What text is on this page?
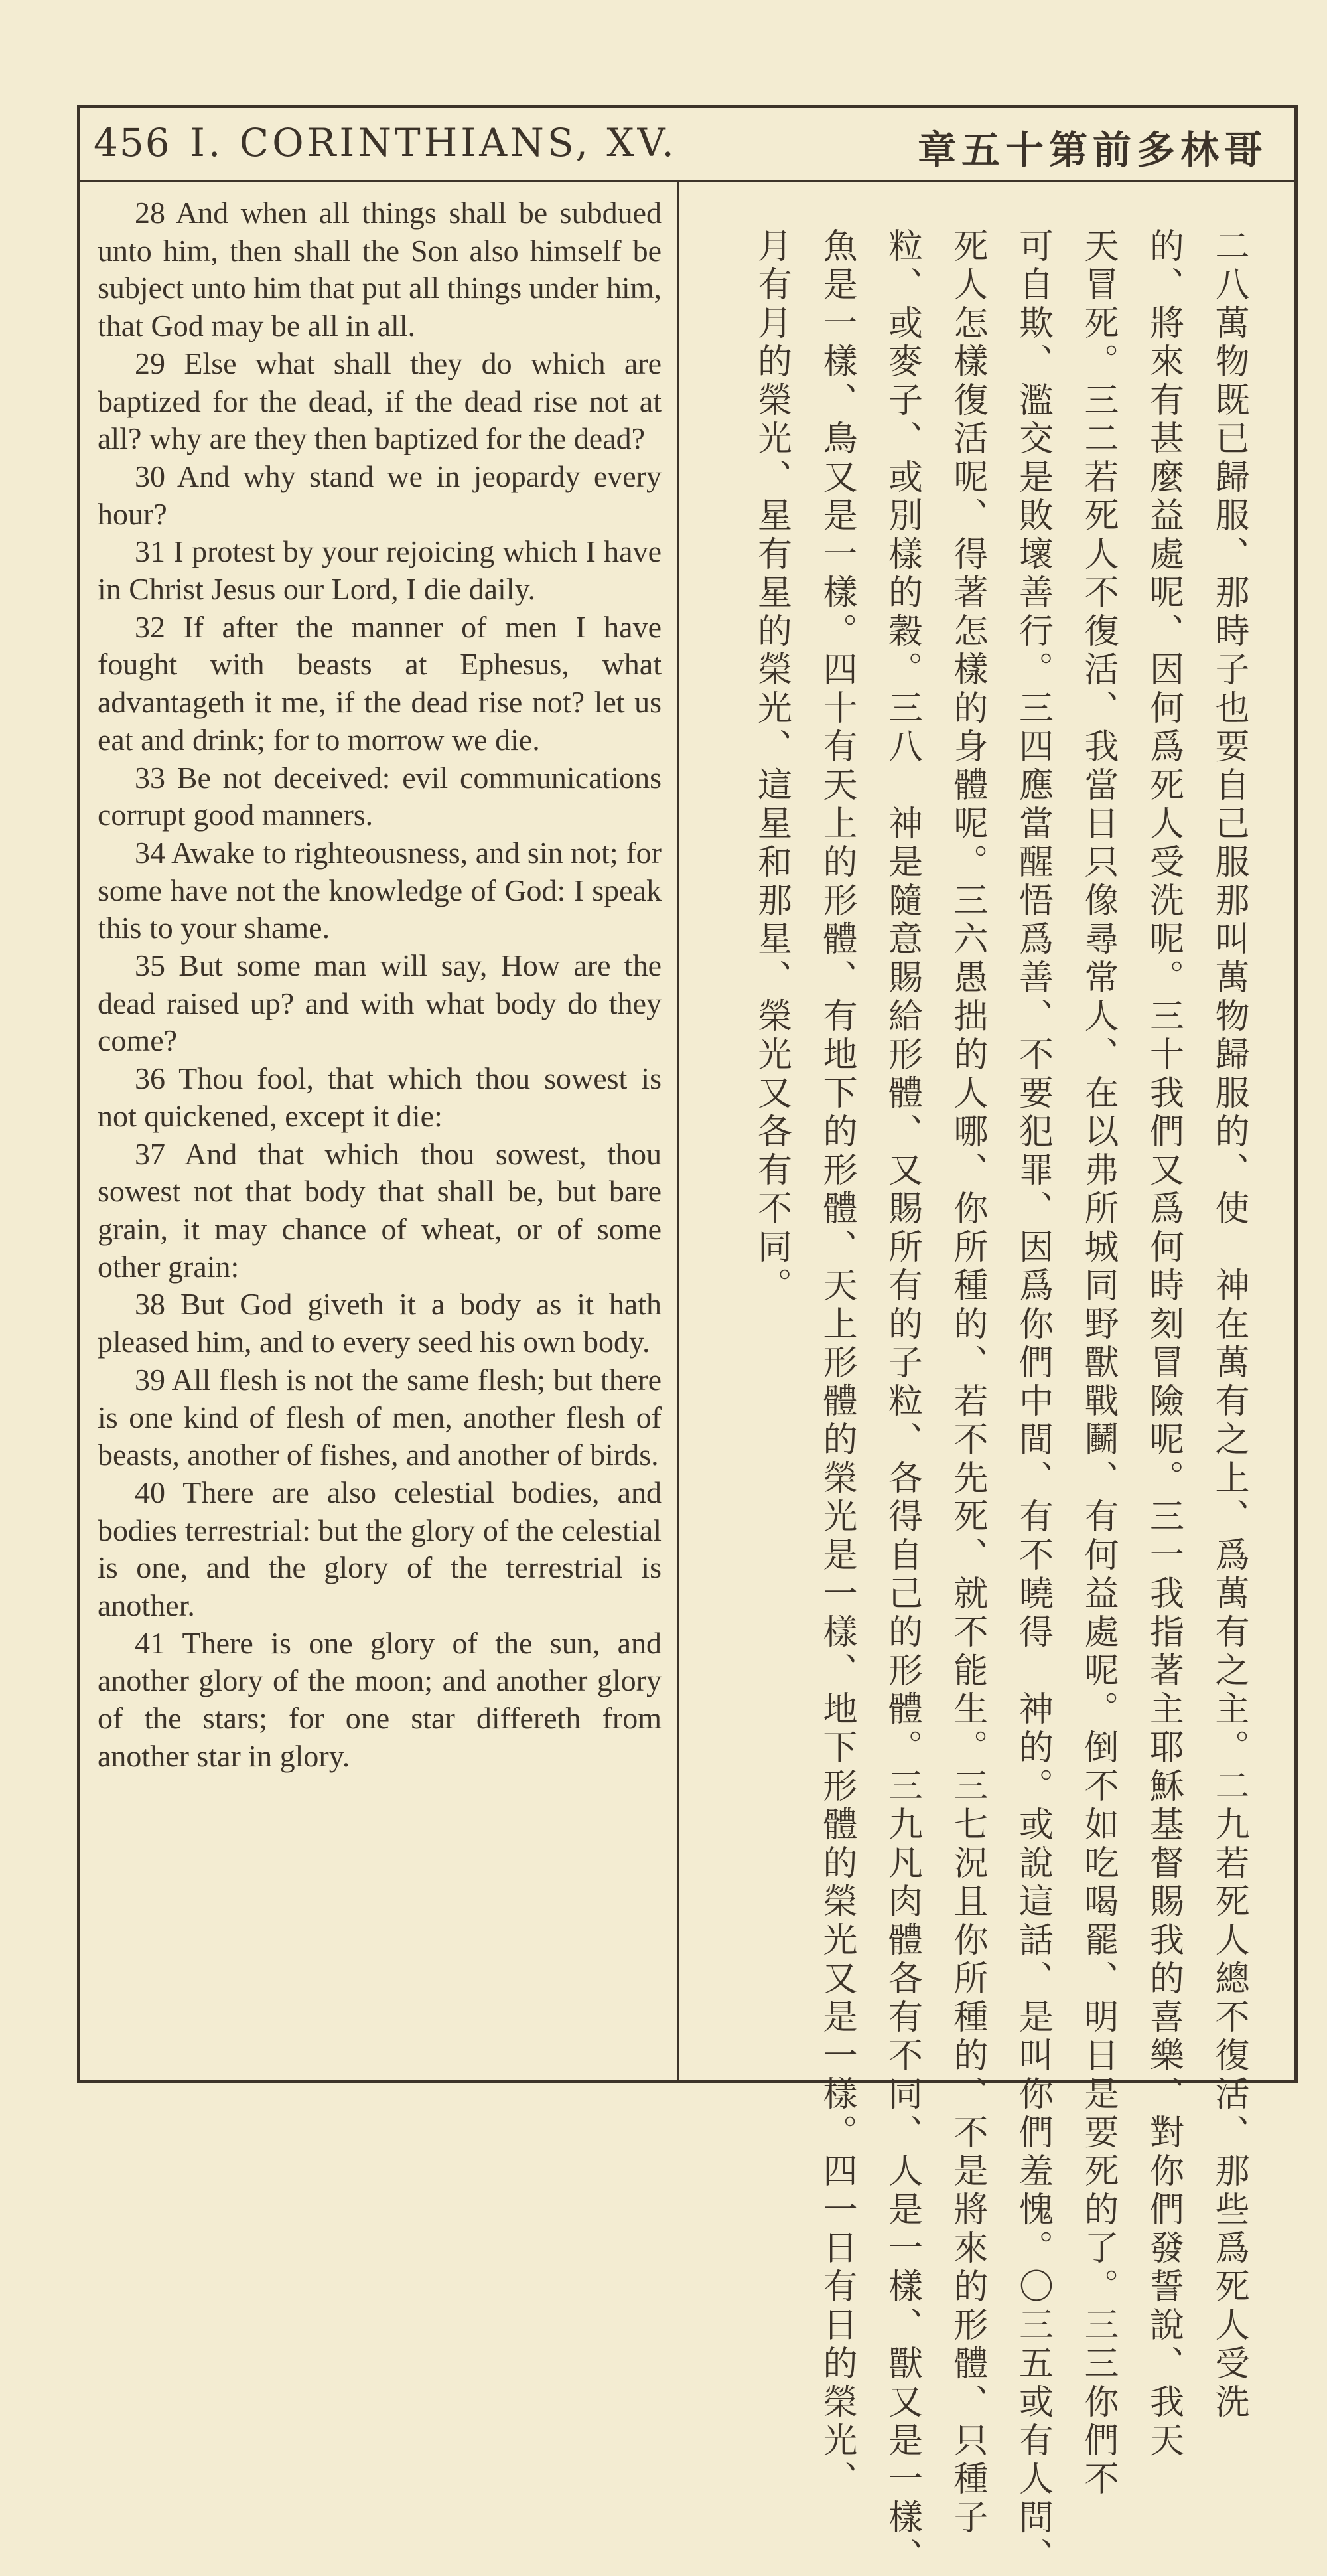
456 I. CORINTHIANS, XV.	章五十第前多林哥

28 And when all things shall be subdued unto him, then shall the Son also himself be subject unto him that put all things under him, that God may be all in all.

29 Else what shall they do which are baptized for the dead, if the dead rise not at all? why are they then baptized for the dead?

30 And why stand we in jeopardy every hour?

31 I protest by your rejoicing which I have in Christ Jesus our Lord, I die daily.

32 If after the manner of men I have fought with beasts at Ephesus, what advantageth it me, if the dead rise not? let us eat and drink; for to morrow we die.

33 Be not deceived: evil communications corrupt good manners.

34 Awake to righteousness, and sin not; for some have not the knowledge of God: I speak this to your shame.

35 But some man will say, How are the dead raised up? and with what body do they come?

36 Thou fool, that which thou sowest is not quickened, except it die:

37 And that which thou sowest, thou sowest not that body that shall be, but bare grain, it may chance of wheat, or of some other grain:

38 But God giveth it a body as it hath pleased him, and to every seed his own body.

39 All flesh is not the same flesh; but there is one kind of flesh of men, another flesh of beasts, another of fishes, and another of birds.

40 There are also celestial bodies, and bodies terrestrial: but the glory of the celestial is one, and the glory of the terrestrial is another.

41 There is one glory of the sun, and another glory of the moon; and another glory of the stars; for one star differeth from another star in glory.	二八萬物既已歸服、那時子也要自己服那叫萬物歸服的、使　神在萬有之上、爲萬有之主。二九若死人總不復活、那些爲死人受洗

的、將來有甚麼益處呢、因何爲死人受洗呢。三十我們又爲何時刻冒險呢。三一我指著主耶穌基督賜我的喜樂、對你們發誓說、我天

天冒死。三二若死人不復活、我當日只像尋常人、在以弗所城同野獸戰鬭、有何益處呢。倒不如吃喝罷、明日是要死的了。三三你們不

可自欺、濫交是敗壞善行。三四應當醒悟爲善、不要犯罪、因爲你們中間、有不曉得　神的。或說這話、是叫你們羞愧。〇三五或有人問、

死人怎樣復活呢、得著怎樣的身體呢。三六愚拙的人哪、你所種的、若不先死、就不能生。三七況且你所種的、不是將來的形體、只種子

粒、或麥子、或別樣的穀。三八　神是隨意賜給形體、又賜所有的子粒、各得自己的形體。三九凡肉體各有不同、人是一樣、獸又是一樣、

魚是一樣、鳥又是一樣。四十有天上的形體、有地下的形體、天上形體的榮光是一樣、地下形體的榮光又是一樣。四一日有日的榮光、

月有月的榮光、星有星的榮光、這星和那星、榮光又各有不同。
